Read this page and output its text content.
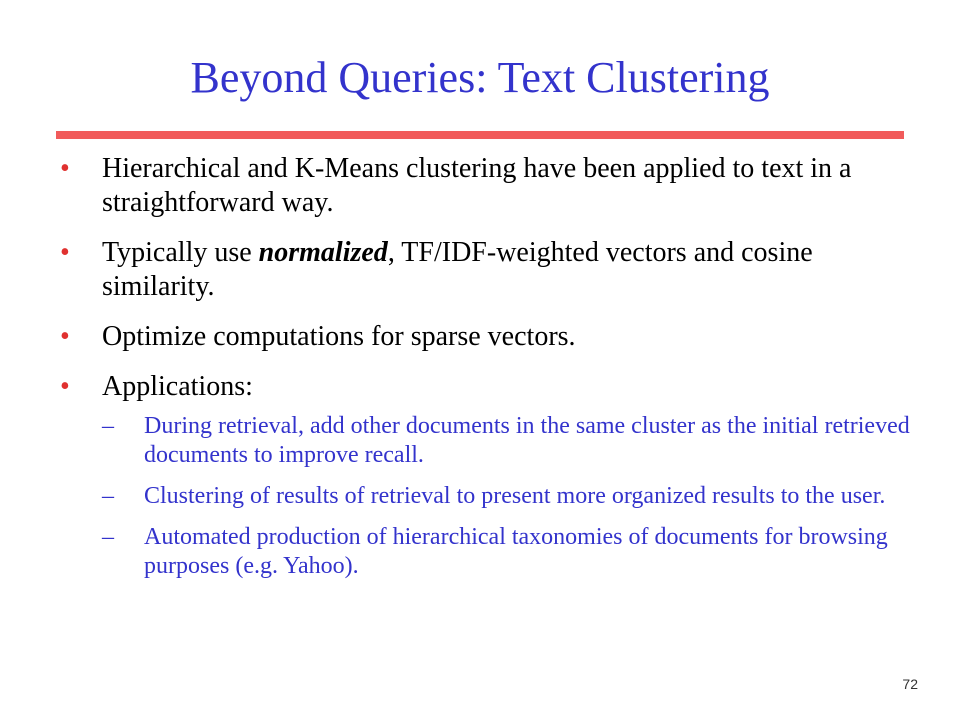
Beyond Queries: Text Clustering
•	Hierarchical and K-Means clustering have been applied to text in a straightforward way.
•	Typically use normalized, TF/IDF-weighted vectors and cosine similarity.
•	Optimize computations for sparse vectors.
•	Applications:
–	During retrieval, add other documents in the same cluster as the initial retrieved documents to improve recall.
–	Clustering of results of retrieval to present more organized results to the user.
–	Automated production of hierarchical taxonomies of documents for browsing purposes (e.g. Yahoo).
72
